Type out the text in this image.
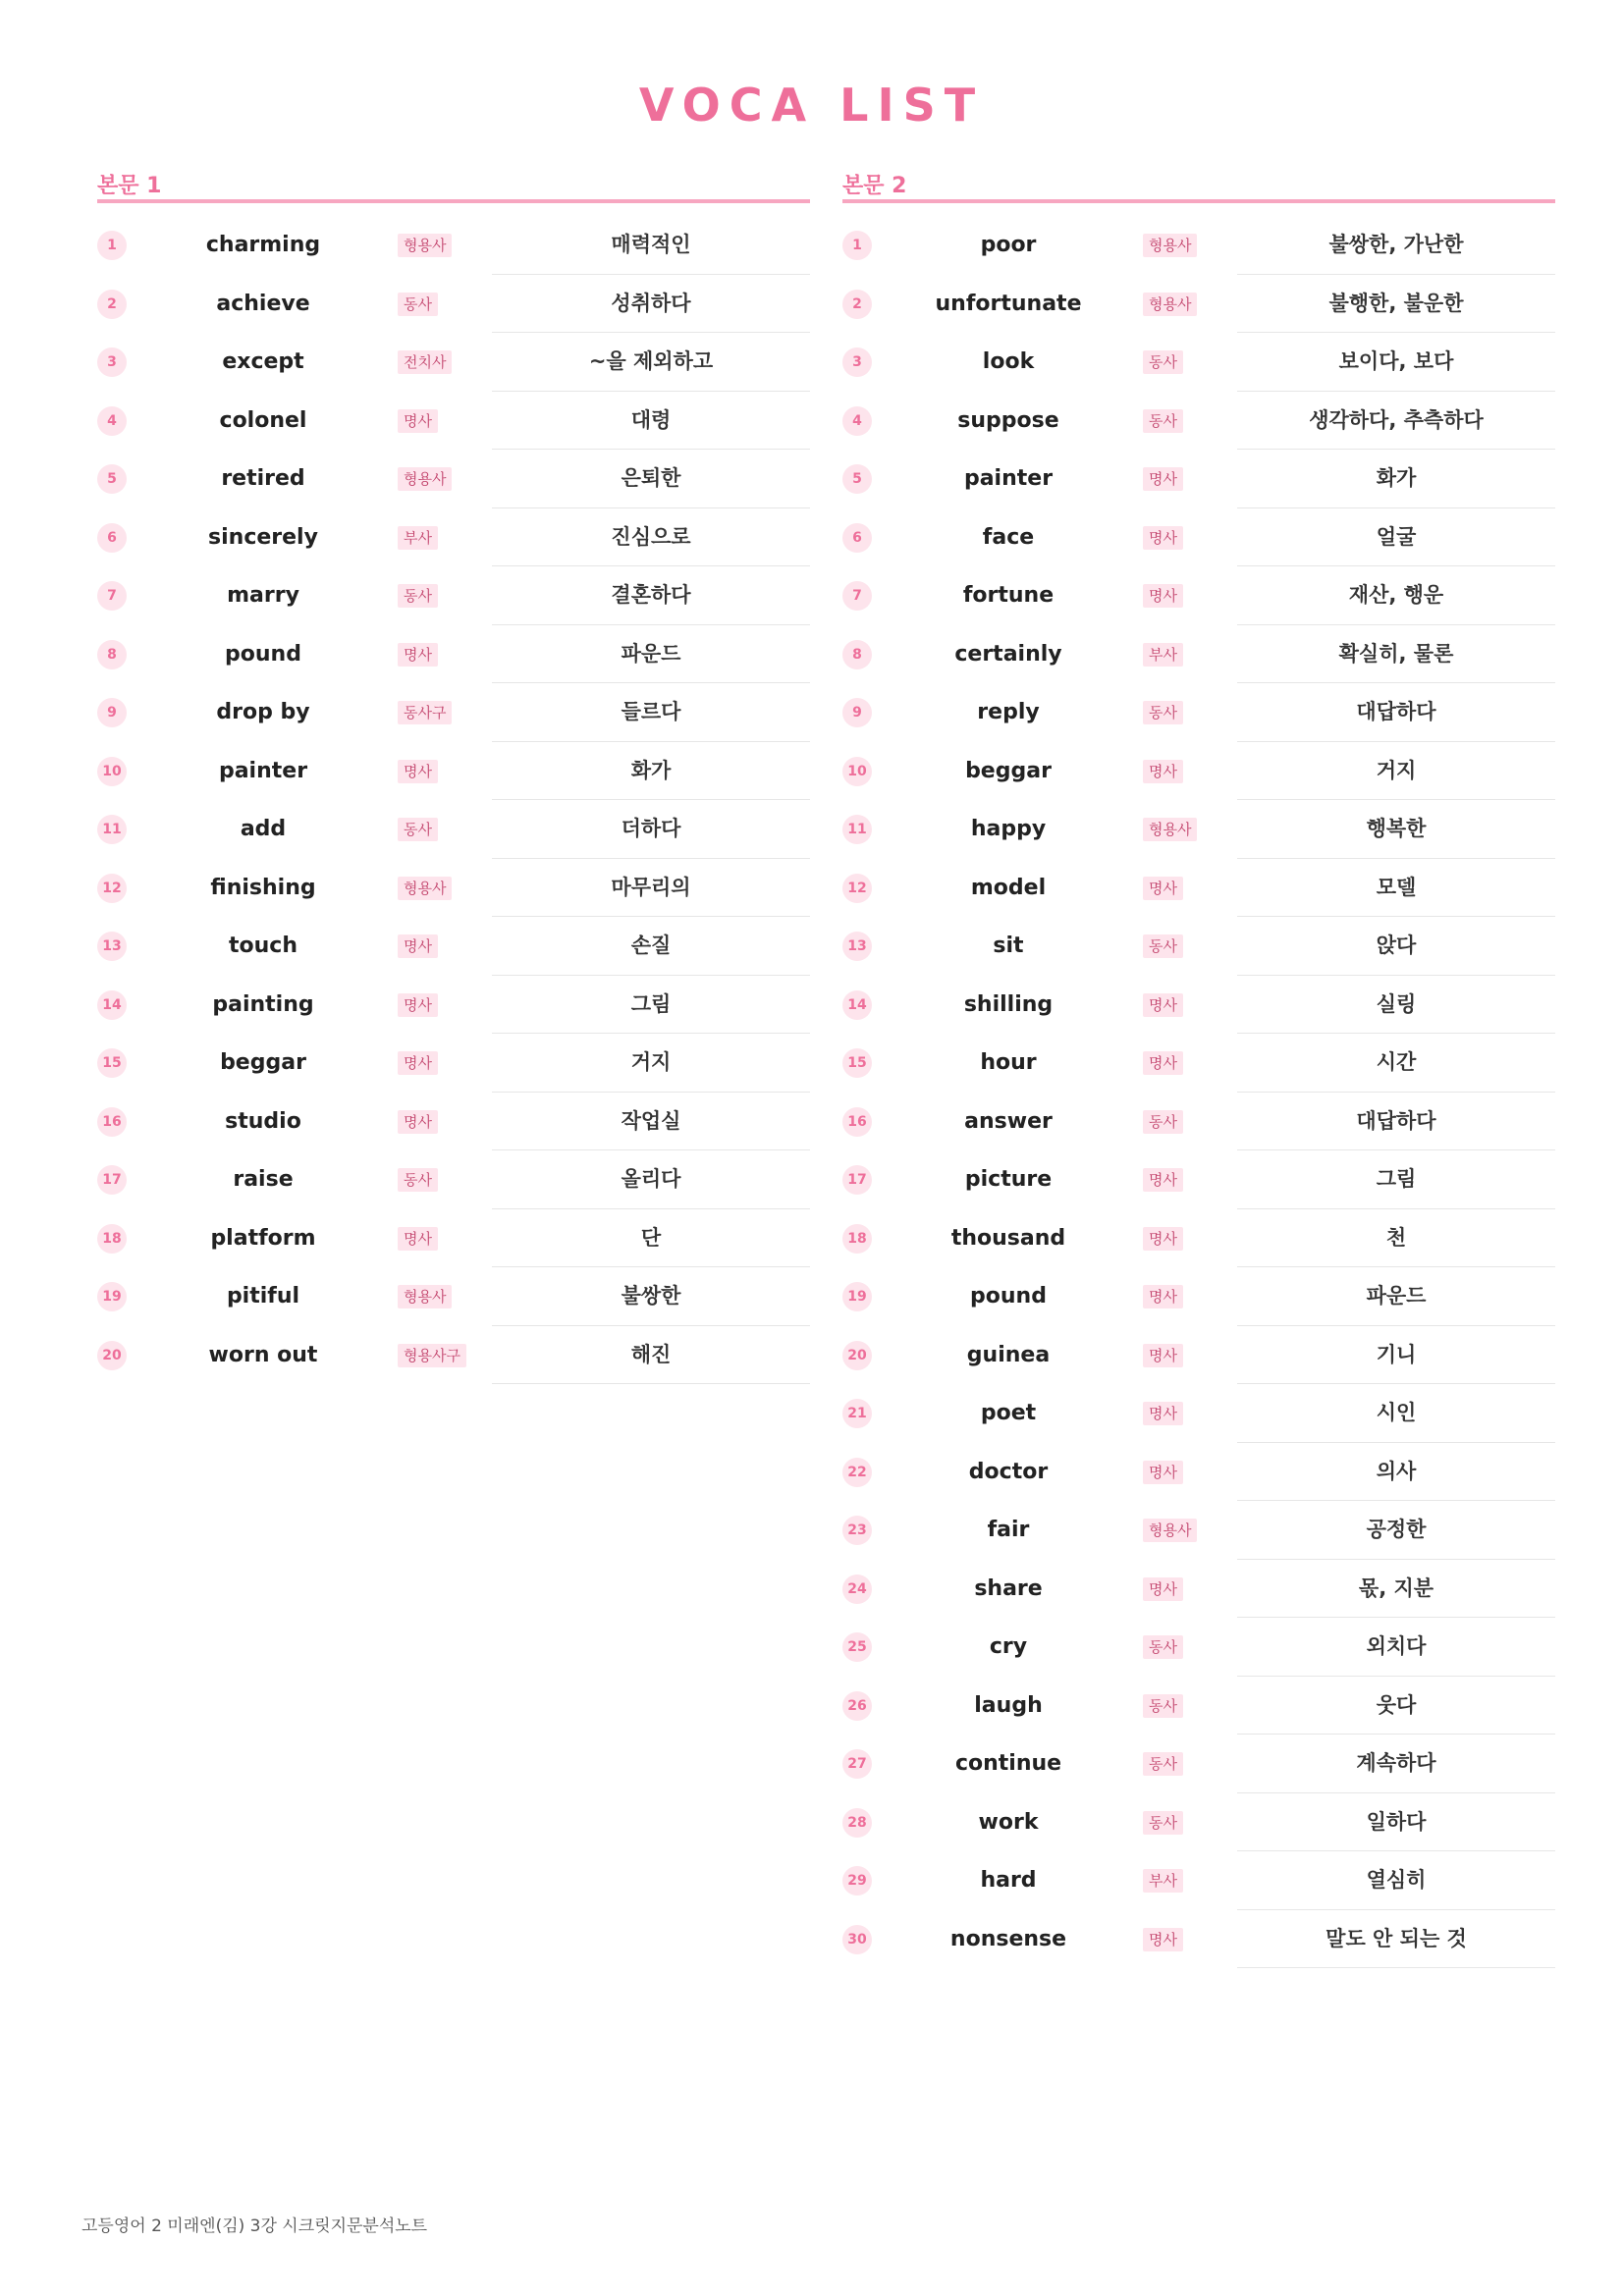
VOCA LIST
본문 1
1	charming	형용사	매력적인
2	achieve	동사	성취하다
3	except	전치사	~을 제외하고
4	colonel	명사	대령
5	retired	형용사	은퇴한
6	sincerely	부사	진심으로
7	marry	동사	결혼하다
8	pound	명사	파운드
9	drop by	동사구	들르다
10	painter	명사	화가
11	add	동사	더하다
12	finishing	형용사	마무리의
13	touch	명사	손질
14	painting	명사	그림
15	beggar	명사	거지
16	studio	명사	작업실
17	raise	동사	올리다
18	platform	명사	단
19	pitiful	형용사	불쌍한
20	worn out	형용사구	해진
본문 2
1	poor	형용사	불쌍한, 가난한
2	unfortunate	형용사	불행한, 불운한
3	look	동사	보이다, 보다
4	suppose	동사	생각하다, 추측하다
5	painter	명사	화가
6	face	명사	얼굴
7	fortune	명사	재산, 행운
8	certainly	부사	확실히, 물론
9	reply	동사	대답하다
10	beggar	명사	거지
11	happy	형용사	행복한
12	model	명사	모델
13	sit	동사	앉다
14	shilling	명사	실링
15	hour	명사	시간
16	answer	동사	대답하다
17	picture	명사	그림
18	thousand	명사	천
19	pound	명사	파운드
20	guinea	명사	기니
21	poet	명사	시인
22	doctor	명사	의사
23	fair	형용사	공정한
24	share	명사	몫, 지분
25	cry	동사	외치다
26	laugh	동사	웃다
27	continue	동사	계속하다
28	work	동사	일하다
29	hard	부사	열심히
30	nonsense	명사	말도 안 되는 것
고등영어 2 미래엔(김) 3강 시크릿지문분석노트
